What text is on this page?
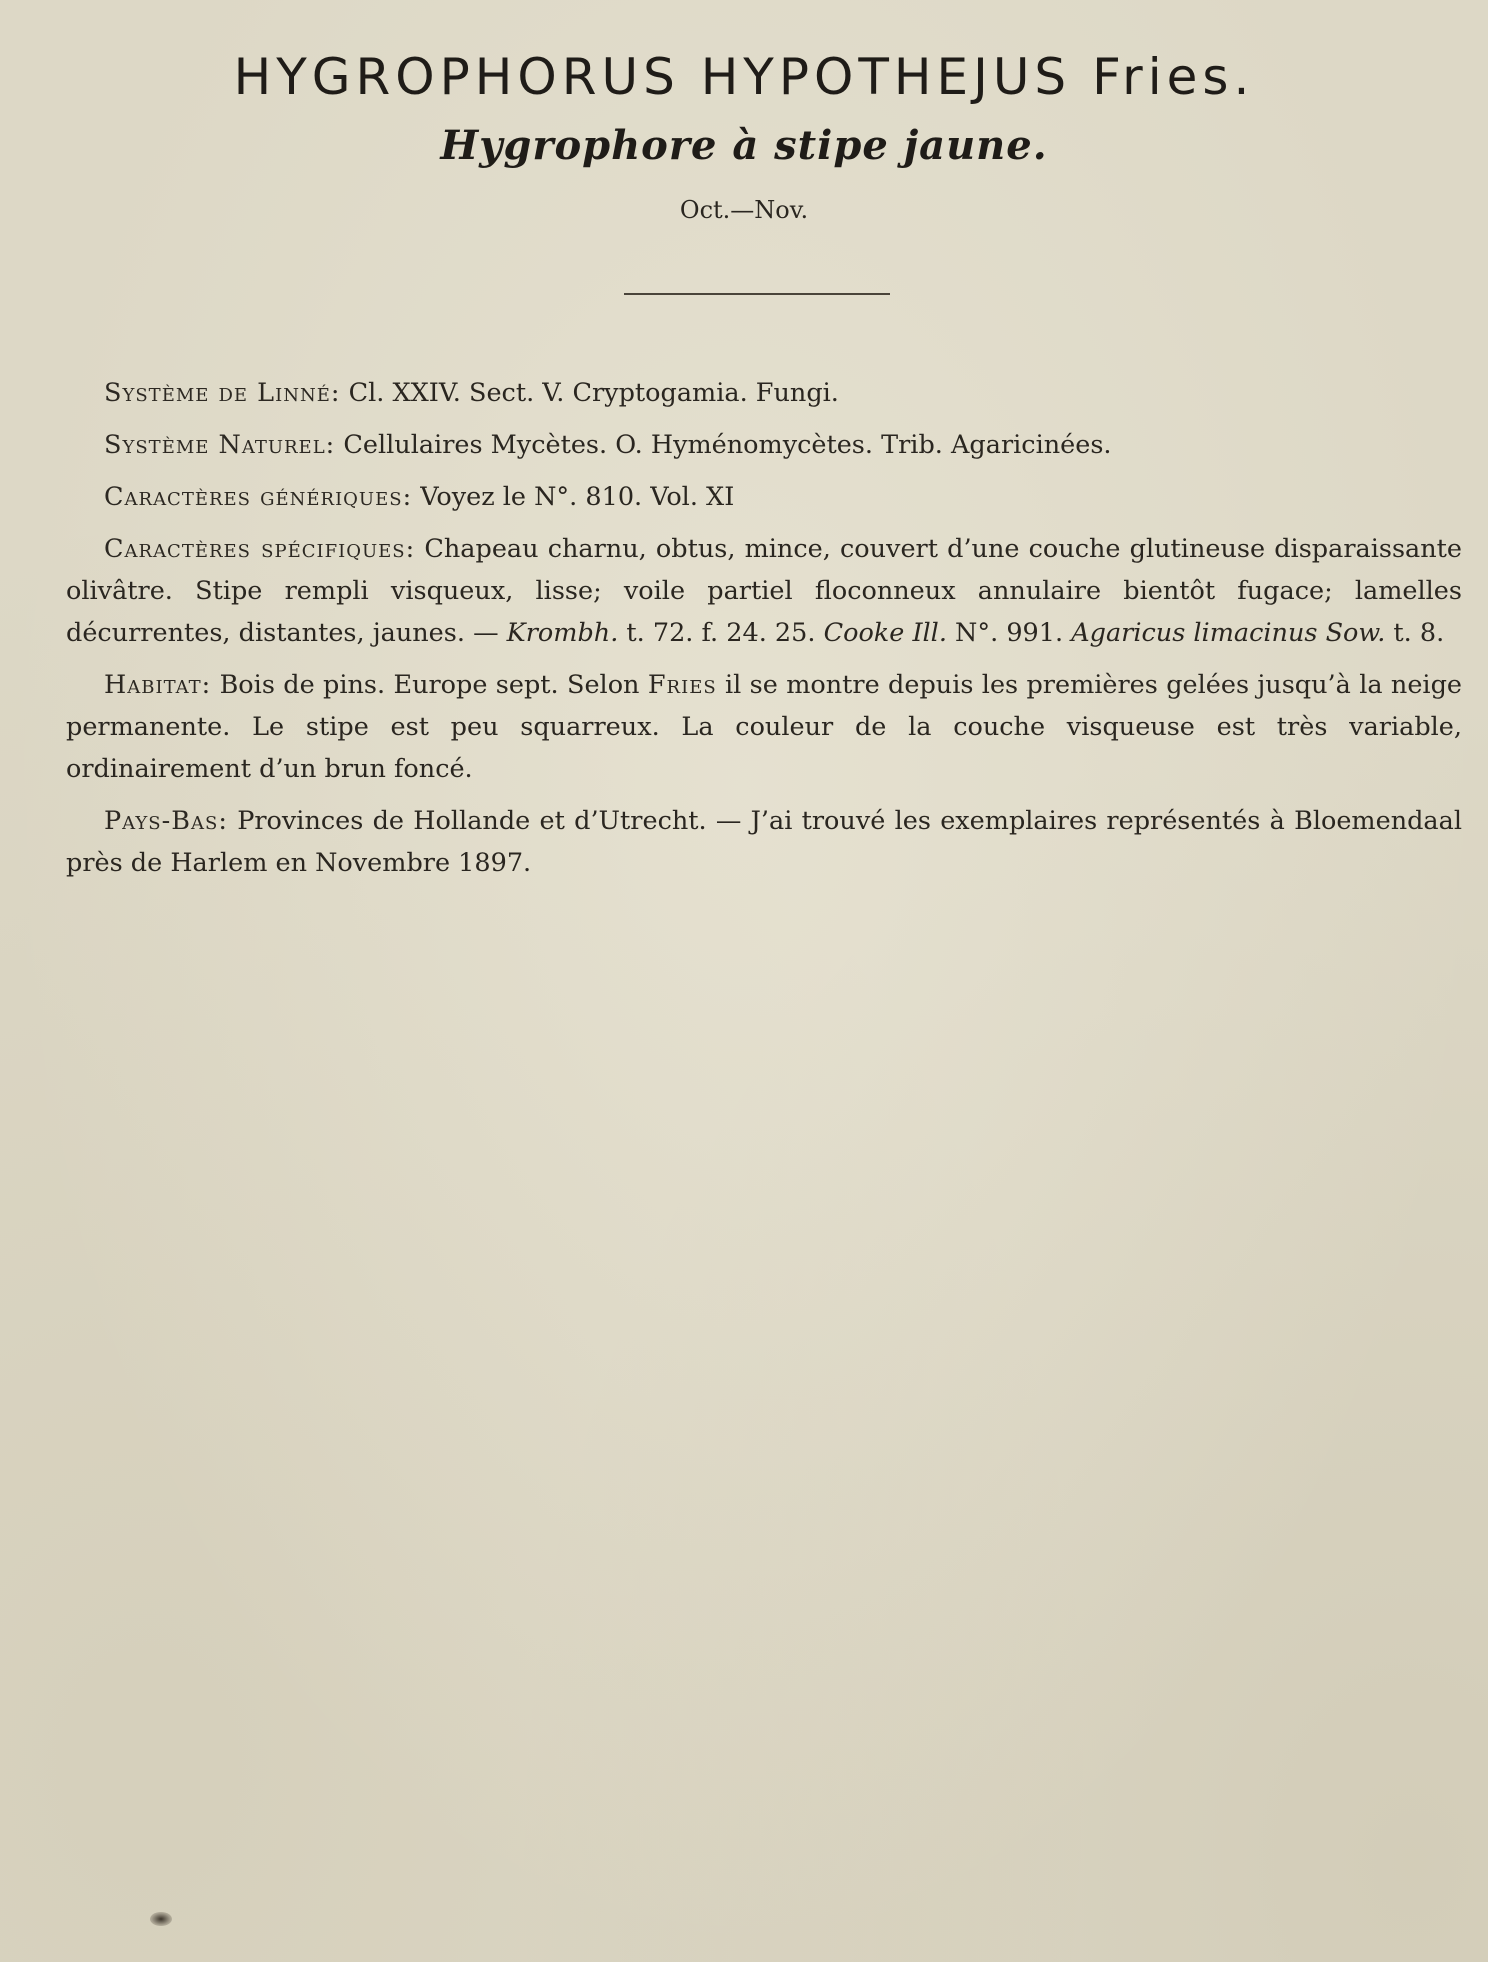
HYGROPHORUS HYPOTHEJUS Fries.
Hygrophore à stipe jaune.
Oct.—Nov.

Système de Linné: Cl. XXIV. Sect. V. Cryptogamia. Fungi.

Système Naturel: Cellulaires Mycètes. O. Hyménomycètes. Trib. Agaricinées.

Caractères génériques: Voyez le N°. 810. Vol. XI

Caractères spécifiques: Chapeau charnu, obtus, mince, couvert d’une couche glutineuse disparaissante olivâtre. Stipe rempli visqueux, lisse; voile partiel floconneux annulaire bientôt fugace; lamelles décurrentes, distantes, jaunes. — Krombh. t. 72. f. 24. 25. Cooke Ill. N°. 991. Agaricus limacinus Sow. t. 8.

Habitat: Bois de pins. Europe sept. Selon Fries il se montre depuis les premières gelées jusqu’à la neige permanente. Le stipe est peu squarreux. La couleur de la couche visqueuse est très variable, ordinairement d’un brun foncé.

Pays-Bas: Provinces de Hollande et d’Utrecht. — J’ai trouvé les exemplaires représentés à Bloemendaal près de Harlem en Novembre 1897.
